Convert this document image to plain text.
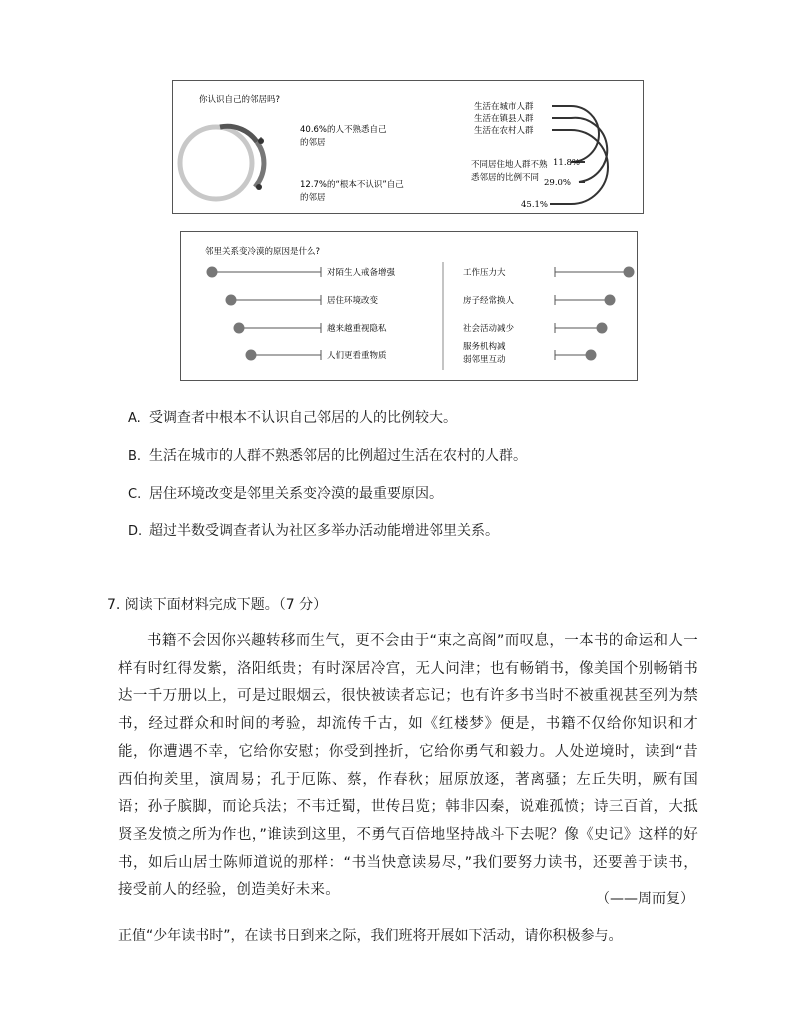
你认识自己的邻居吗?
40.6%的人不熟悉自己
的邻居
12.7%的“根本不认识”自己
的邻居
生活在城市人群
生活在镇县人群
生活在农村人群
不同居住地人群不熟
悉邻居的比例不同
11.8%
29.0%
45.1%
邻里关系变冷漠的原因是什么?
对陌生人戒备增强
居住环境改变
越来越重视隐私
人们更看重物质
工作压力大
房子经常换人
社会活动减少
服务机构减
弱邻里互动
A. 受调查者中根本不认识自己邻居的人的比例较大。
B. 生活在城市的人群不熟悉邻居的比例超过生活在农村的人群。
C. 居住环境改变是邻里关系变冷漠的最重要原因。
D. 超过半数受调查者认为社区多举办活动能增进邻里关系。
7. 阅读下面材料完成下题。（7 分）
书籍不会因你兴趣转移而生气，更不会由于“束之高阁”而叹息，一本书的命运和人一样有时红得发紫，洛阳纸贵；有时深居冷宫，无人问津；也有畅销书，像美国个别畅销书达一千万册以上，可是过眼烟云，很快被读者忘记；也有许多书当时不被重视甚至列为禁书，经过群众和时间的考验，却流传千古，如《红楼梦》便是，书籍不仅给你知识和才能，你遭遇不幸，它给你安慰；你受到挫折，它给你勇气和毅力。人处逆境时，读到“昔西伯拘羑里，演周易；孔于厄陈、蔡，作春秋；屈原放逐，著离骚；左丘失明，厥有国语；孙子膑脚，而论兵法；不韦迁蜀，世传吕览；韩非囚秦，说难孤愤；诗三百首，大抵贤圣发愤之所为作也，”谁读到这里，不勇气百倍地坚持战斗下去呢？像《史记》这样的好书，如后山居士陈师道说的那样：“书当快意读易尽，”我们要努力读书，还要善于读书，接受前人的经验，创造美好未来。
（——周而复）
正值“少年读书时”，在读书日到来之际，我们班将开展如下活动，请你积极参与。
